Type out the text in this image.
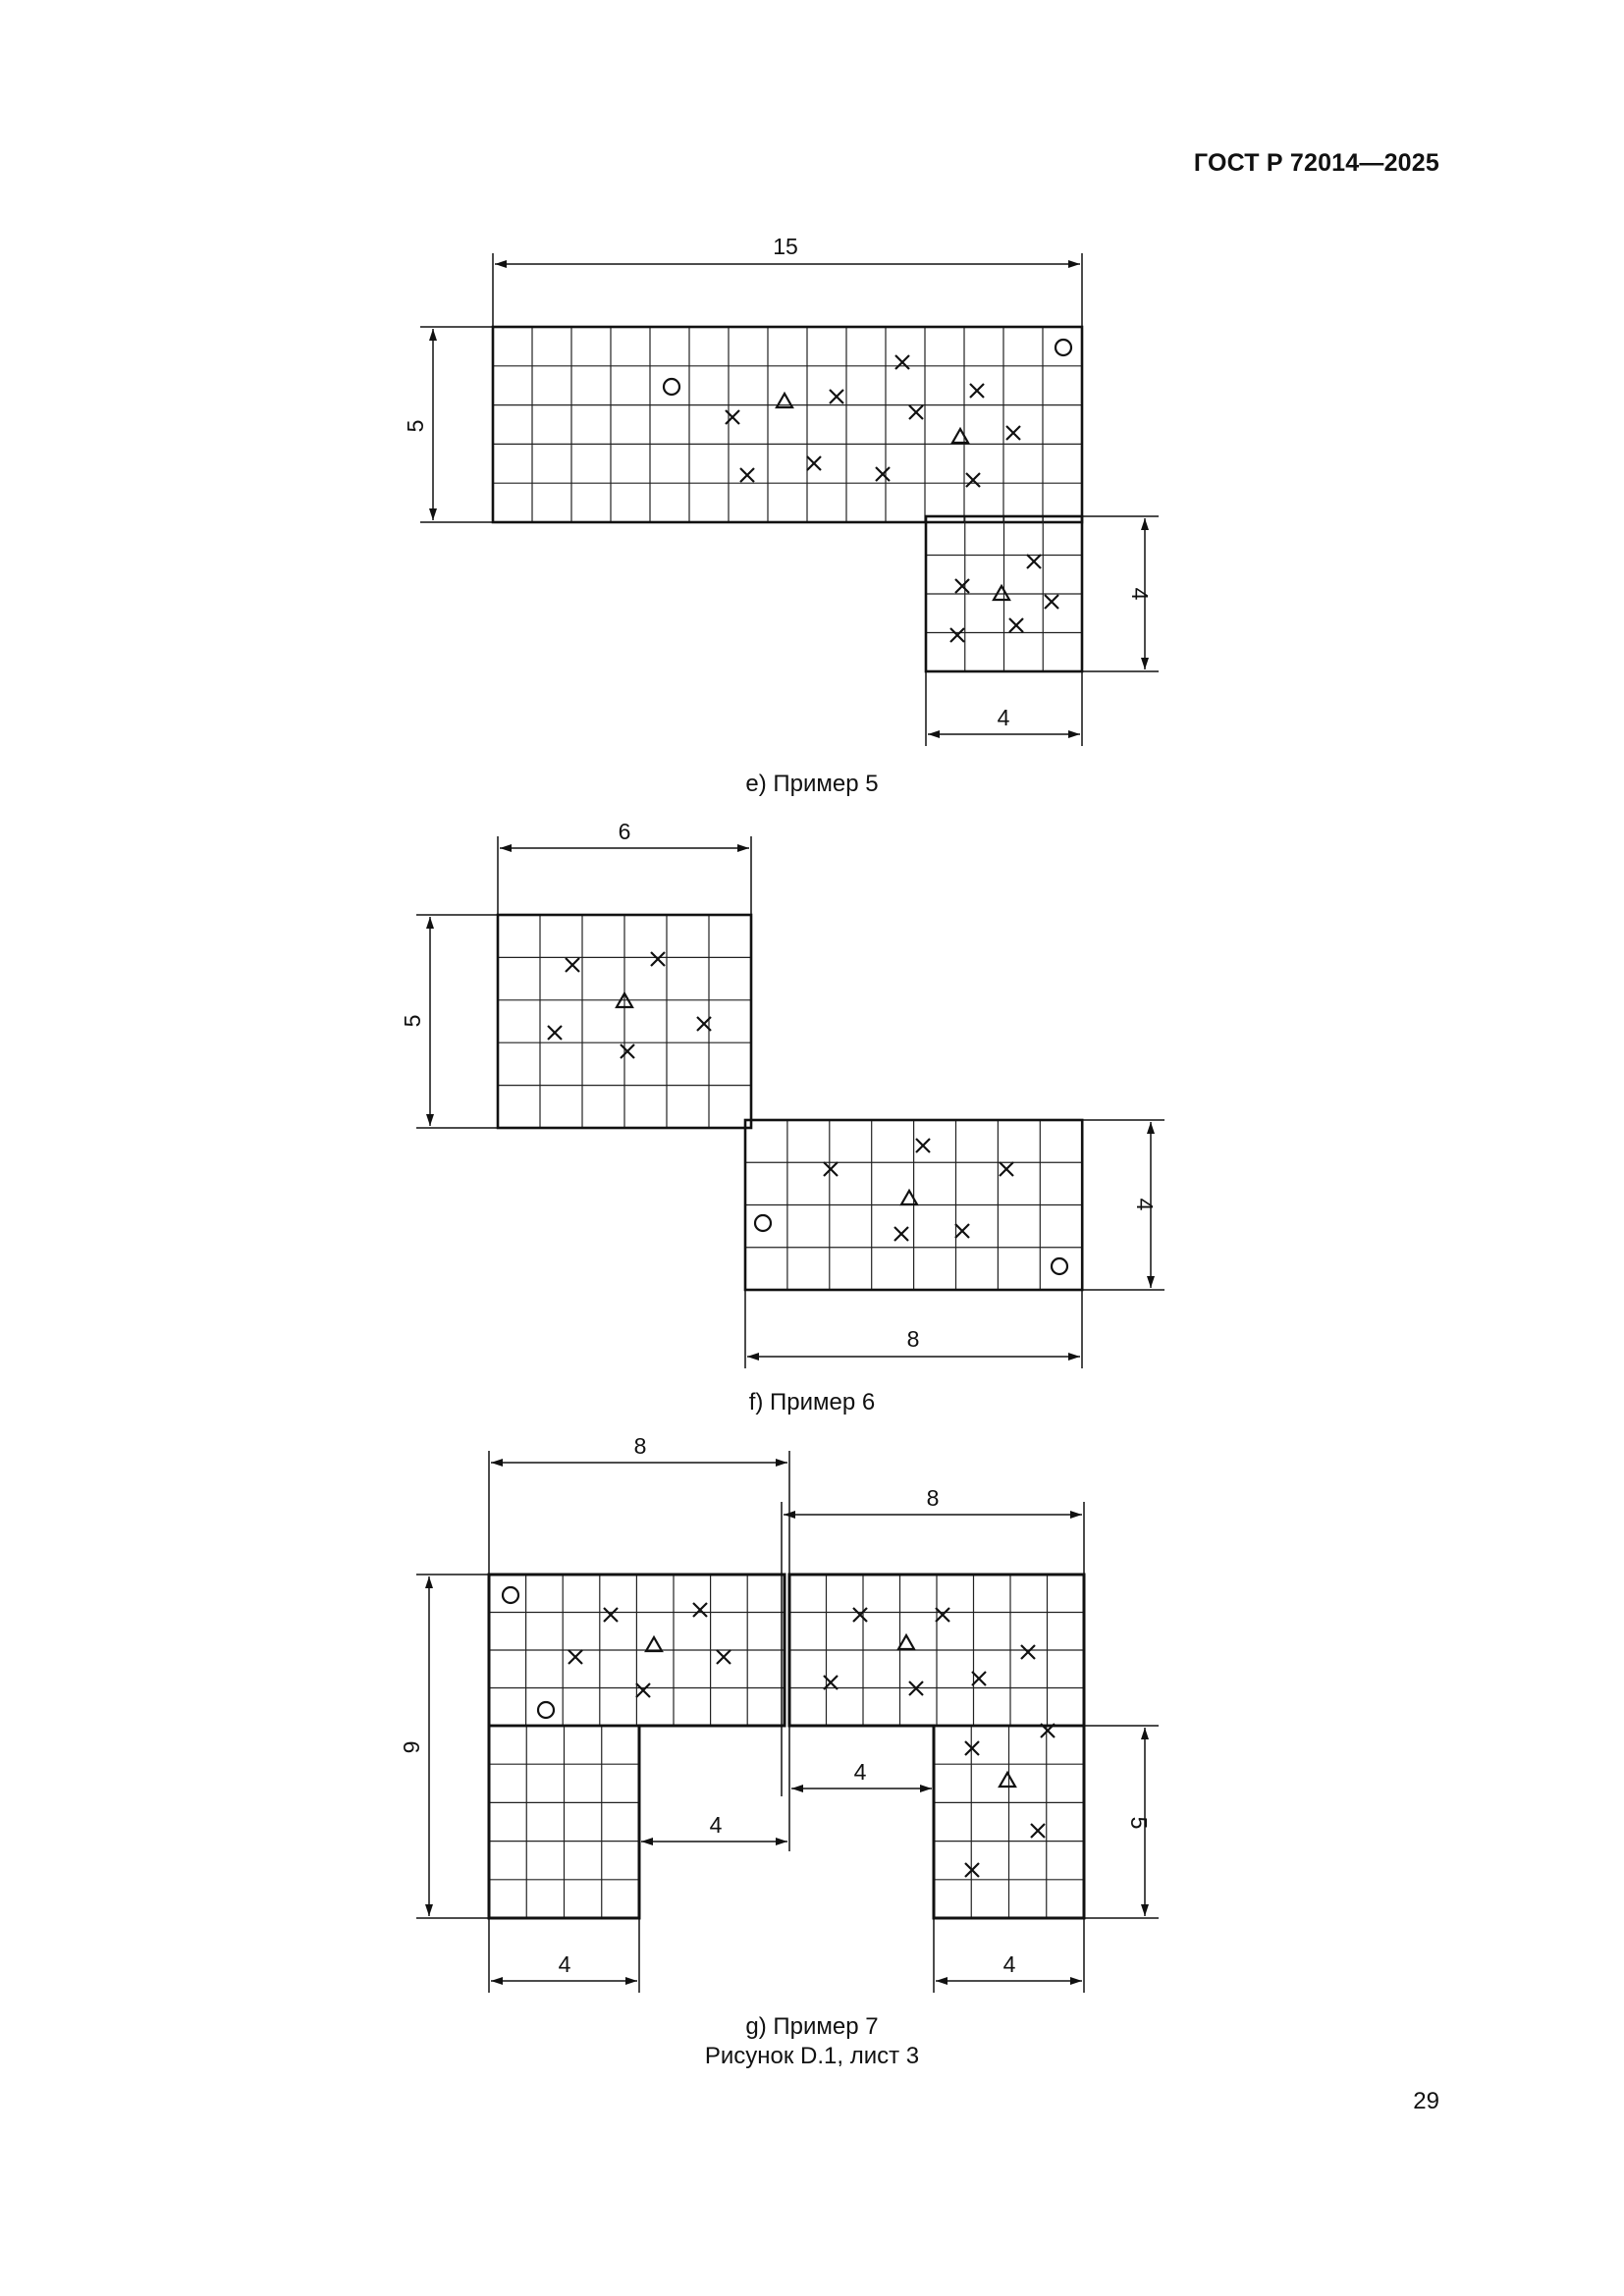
ГОСТ Р 72014—2025
15
5
4
4
6
5
4
8
8
8
9
4
4	5
4	4
е) Пример 5
f) Пример 6
g) Пример 7
Рисунок D.1, лист 3
29
